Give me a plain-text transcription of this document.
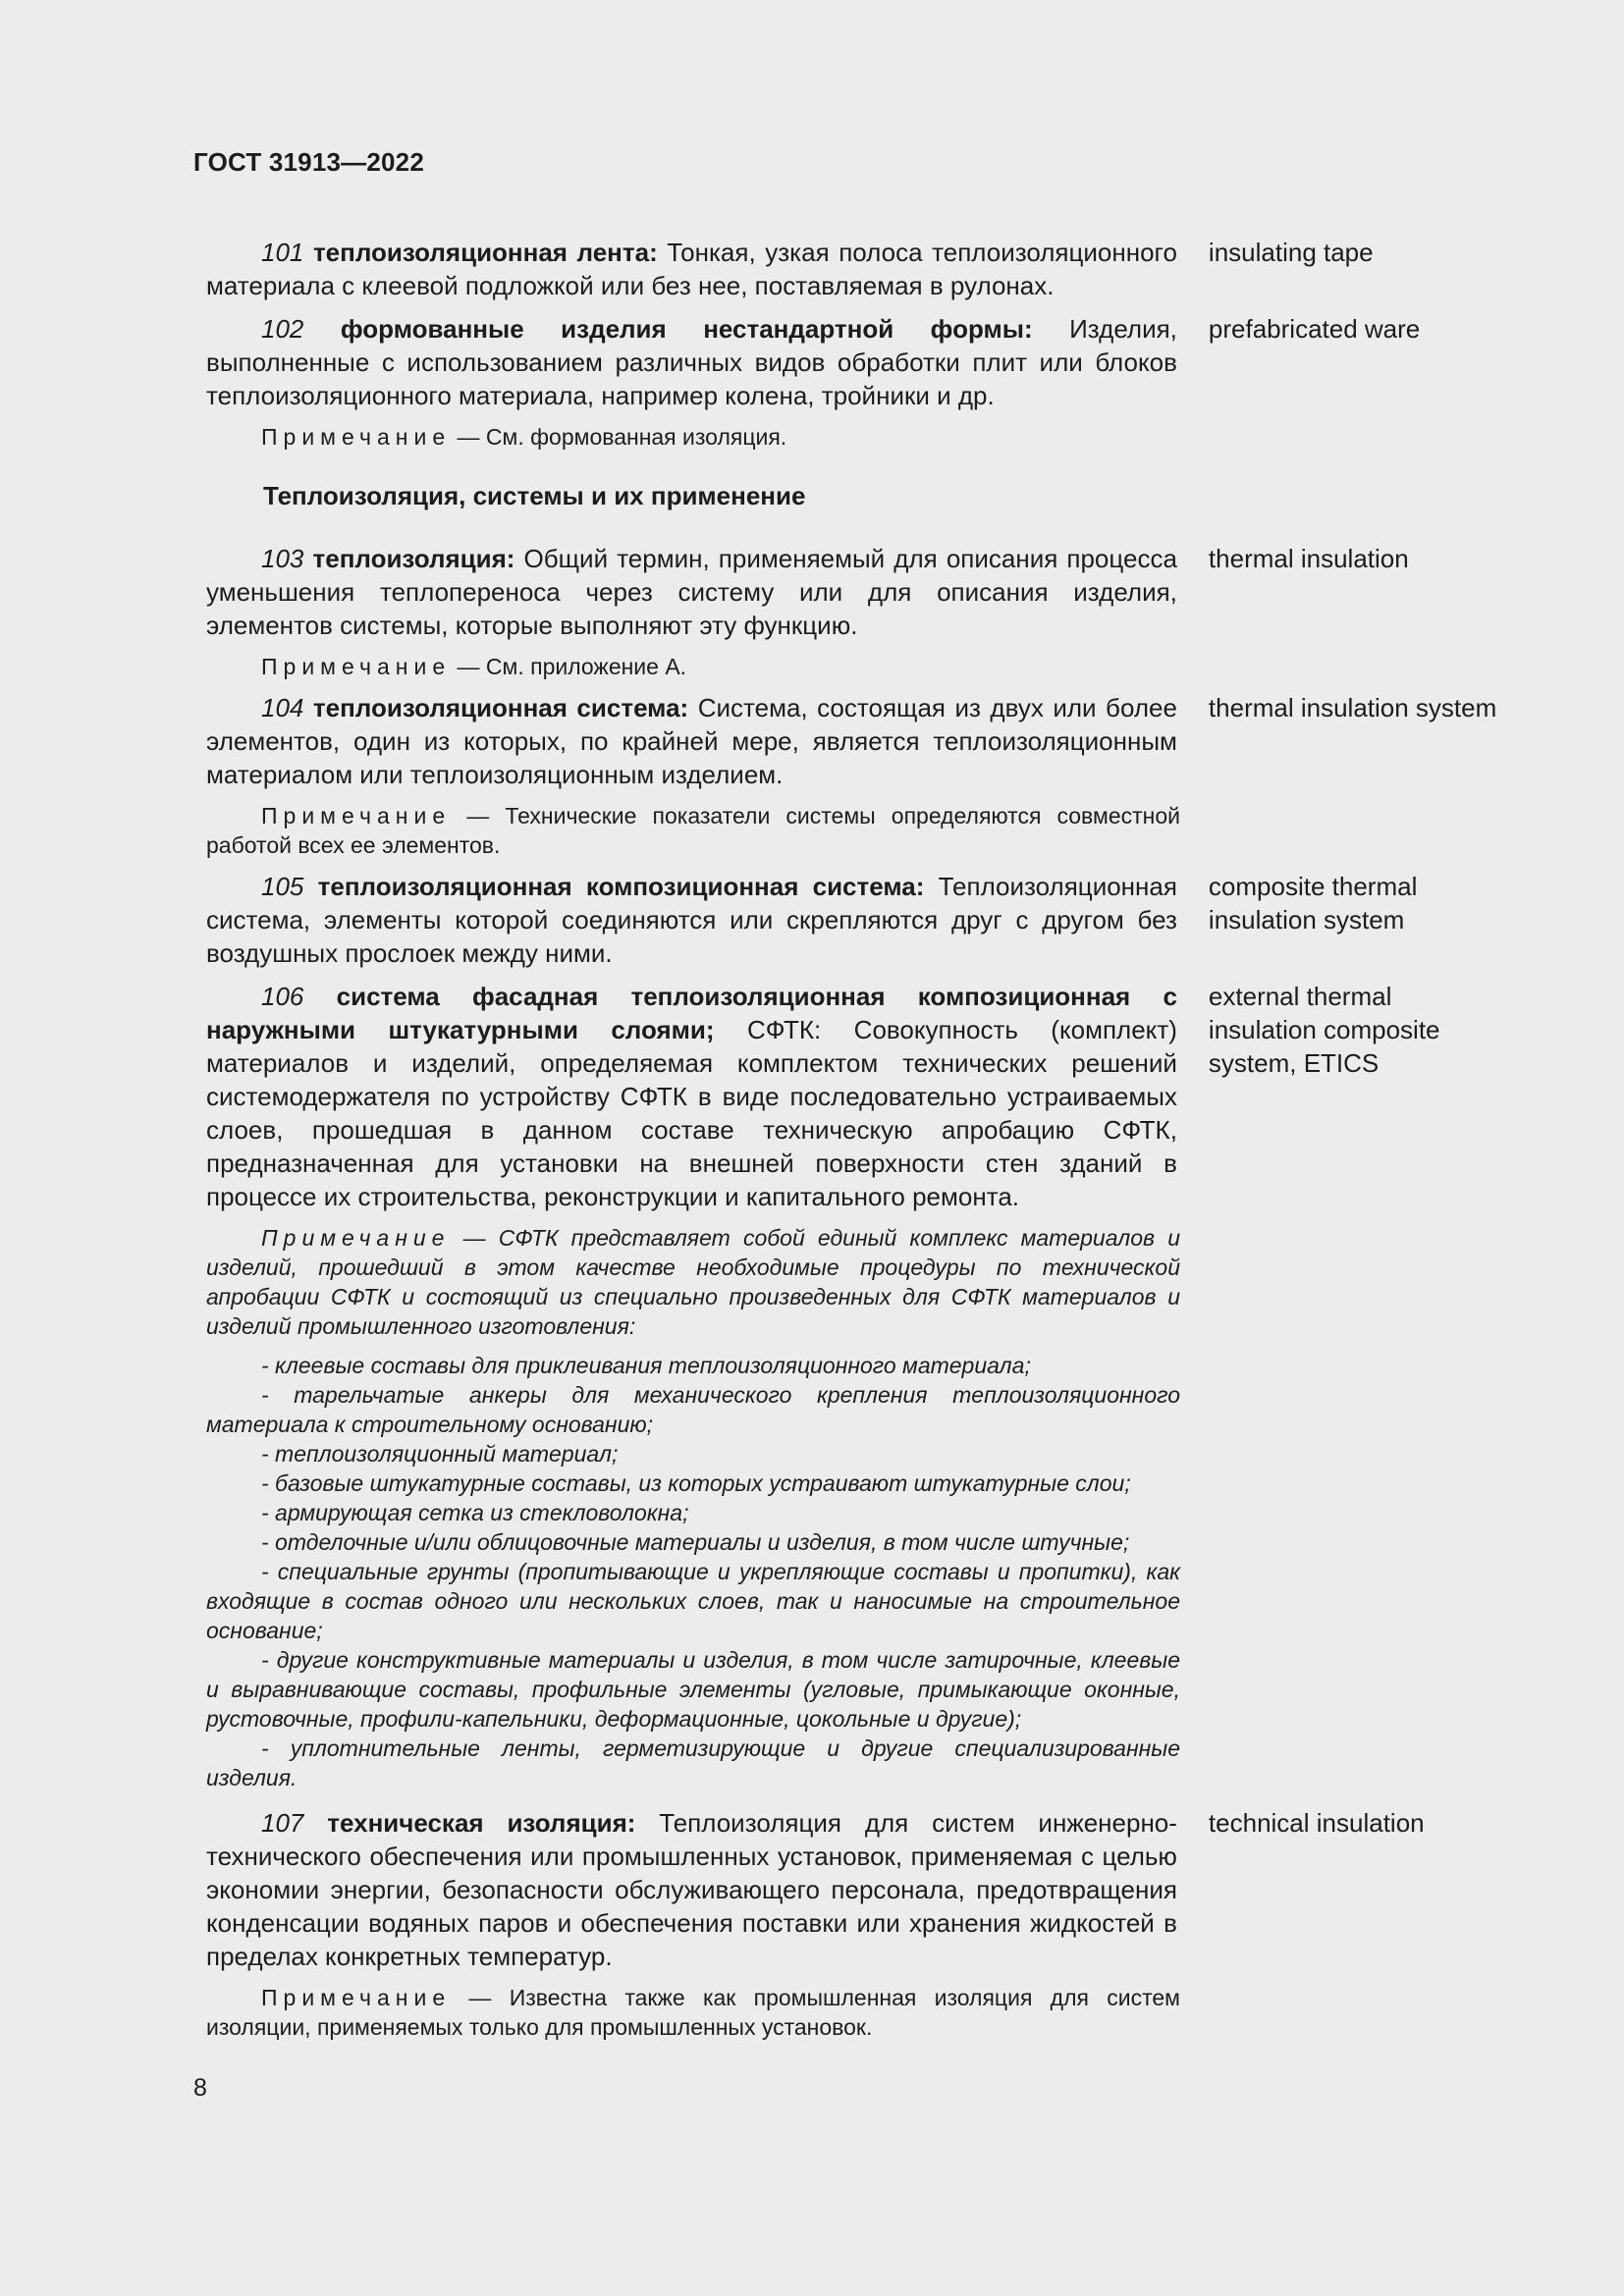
ГОСТ 31913—2022
101 теплоизоляционная лента: Тонкая, узкая полоса теплоизоляционного материала с клеевой подложкой или без нее, поставляемая в рулонах.
insulating tape
102 формованные изделия нестандартной формы: Изделия, выполненные с использованием различных видов обработки плит или блоков теплоизоляционного материала, например колена, тройники и др.
prefabricated ware
Примечание — См. формованная изоляция.
Теплоизоляция, системы и их применение
103 теплоизоляция: Общий термин, применяемый для описания процесса уменьшения теплопереноса через систему или для описания изделия, элементов системы, которые выполняют эту функцию.
thermal insulation
Примечание — См. приложение А.
104 теплоизоляционная система: Система, состоящая из двух или более элементов, один из которых, по крайней мере, является теплоизоляционным материалом или теплоизоляционным изделием.
thermal insulation system
Примечание — Технические показатели системы определяются совместной работой всех ее элементов.
105 теплоизоляционная композиционная система: Теплоизоляционная система, элементы которой соединяются или скрепляются друг с другом без воздушных прослоек между ними.
composite thermal insulation system
106 система фасадная теплоизоляционная композиционная с наружными штукатурными слоями; СФТК: Совокупность (комплект) материалов и изделий, определяемая комплектом технических решений системодержателя по устройству СФТК в виде последовательно устраиваемых слоев, прошедшая в данном составе техническую апробацию СФТК, предназначенная для установки на внешней поверхности стен зданий в процессе их строительства, реконструкции и капитального ремонта.
external thermal insulation composite system, ETICS
Примечание — СФТК представляет собой единый комплекс материалов и изделий, прошедший в этом качестве необходимые процедуры по технической апробации СФТК и состоящий из специально произведенных для СФТК материалов и изделий промышленного изготовления:
- клеевые составы для приклеивания теплоизоляционного материала;
- тарельчатые анкеры для механического крепления теплоизоляционного материала к строительному основанию;
- теплоизоляционный материал;
- базовые штукатурные составы, из которых устраивают штукатурные слои;
- армирующая сетка из стекловолокна;
- отделочные и/или облицовочные материалы и изделия, в том числе штучные;
- специальные грунты (пропитывающие и укрепляющие составы и пропитки), как входящие в состав одного или нескольких слоев, так и наносимые на строительное основание;
- другие конструктивные материалы и изделия, в том числе затирочные, клеевые и выравнивающие составы, профильные элементы (угловые, примыкающие оконные, рустовочные, профили-капельники, деформационные, цокольные и другие);
- уплотнительные ленты, герметизирующие и другие специализированные изделия.
107 техническая изоляция: Теплоизоляция для систем инженерно-технического обеспечения или промышленных установок, применяемая с целью экономии энергии, безопасности обслуживающего персонала, предотвращения конденсации водяных паров и обеспечения поставки или хранения жидкостей в пределах конкретных температур.
technical insulation
Примечание — Известна также как промышленная изоляция для систем изоляции, применяемых только для промышленных установок.
8
